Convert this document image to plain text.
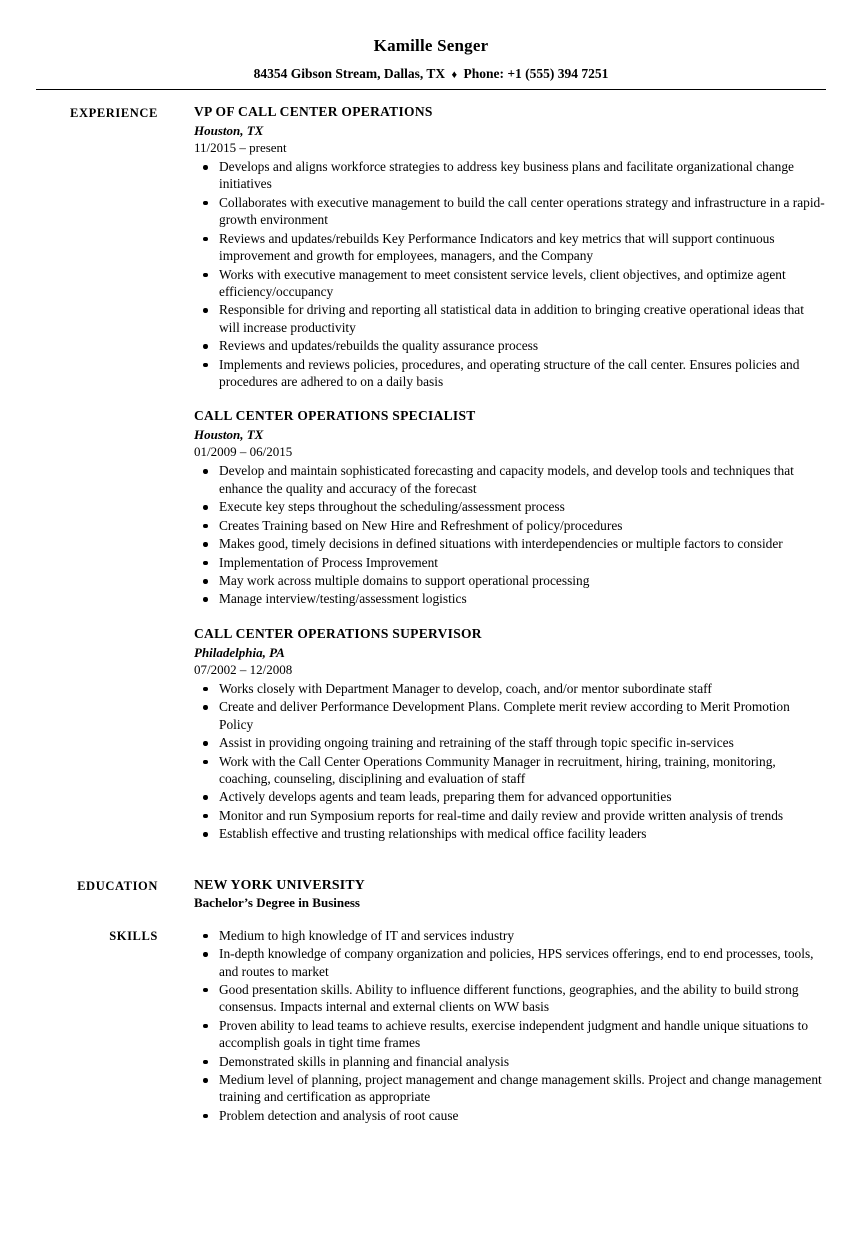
Kamille Senger
84354 Gibson Stream, Dallas, TX ♦ Phone: +1 (555) 394 7251
EXPERIENCE	VP OF CALL CENTER OPERATIONS
Houston, TX
11/2015 – present
Develops and aligns workforce strategies to address key business plans and facilitate organizational change initiatives
Collaborates with executive management to build the call center operations strategy and infrastructure in a rapid-growth environment
Reviews and updates/rebuilds Key Performance Indicators and key metrics that will support continuous improvement and growth for employees, managers, and the Company
Works with executive management to meet consistent service levels, client objectives, and optimize agent efficiency/occupancy
Responsible for driving and reporting all statistical data in addition to bringing creative operational ideas that will increase productivity
Reviews and updates/rebuilds the quality assurance process
Implements and reviews policies, procedures, and operating structure of the call center. Ensures policies and procedures are adhered to on a daily basis
CALL CENTER OPERATIONS SPECIALIST
Houston, TX
01/2009 – 06/2015
Develop and maintain sophisticated forecasting and capacity models, and develop tools and techniques that enhance the quality and accuracy of the forecast
Execute key steps throughout the scheduling/assessment process
Creates Training based on New Hire and Refreshment of policy/procedures
Makes good, timely decisions in defined situations with interdependencies or multiple factors to consider
Implementation of Process Improvement
May work across multiple domains to support operational processing
Manage interview/testing/assessment logistics
CALL CENTER OPERATIONS SUPERVISOR
Philadelphia, PA
07/2002 – 12/2008
Works closely with Department Manager to develop, coach, and/or mentor subordinate staff
Create and deliver Performance Development Plans. Complete merit review according to Merit Promotion Policy
Assist in providing ongoing training and retraining of the staff through topic specific in-services
Work with the Call Center Operations Community Manager in recruitment, hiring, training, monitoring, coaching, counseling, disciplining and evaluation of staff
Actively develops agents and team leads, preparing them for advanced opportunities
Monitor and run Symposium reports for real-time and daily review and provide written analysis of trends
Establish effective and trusting relationships with medical office facility leaders
EDUCATION	NEW YORK UNIVERSITY
Bachelor’s Degree in Business
SKILLS	Medium to high knowledge of IT and services industry
In-depth knowledge of company organization and policies, HPS services offerings, end to end processes, tools, and routes to market
Good presentation skills. Ability to influence different functions, geographies, and the ability to build strong consensus. Impacts internal and external clients on WW basis
Proven ability to lead teams to achieve results, exercise independent judgment and handle unique situations to accomplish goals in tight time frames
Demonstrated skills in planning and financial analysis
Medium level of planning, project management and change management skills. Project and change management training and certification as appropriate
Problem detection and analysis of root cause
